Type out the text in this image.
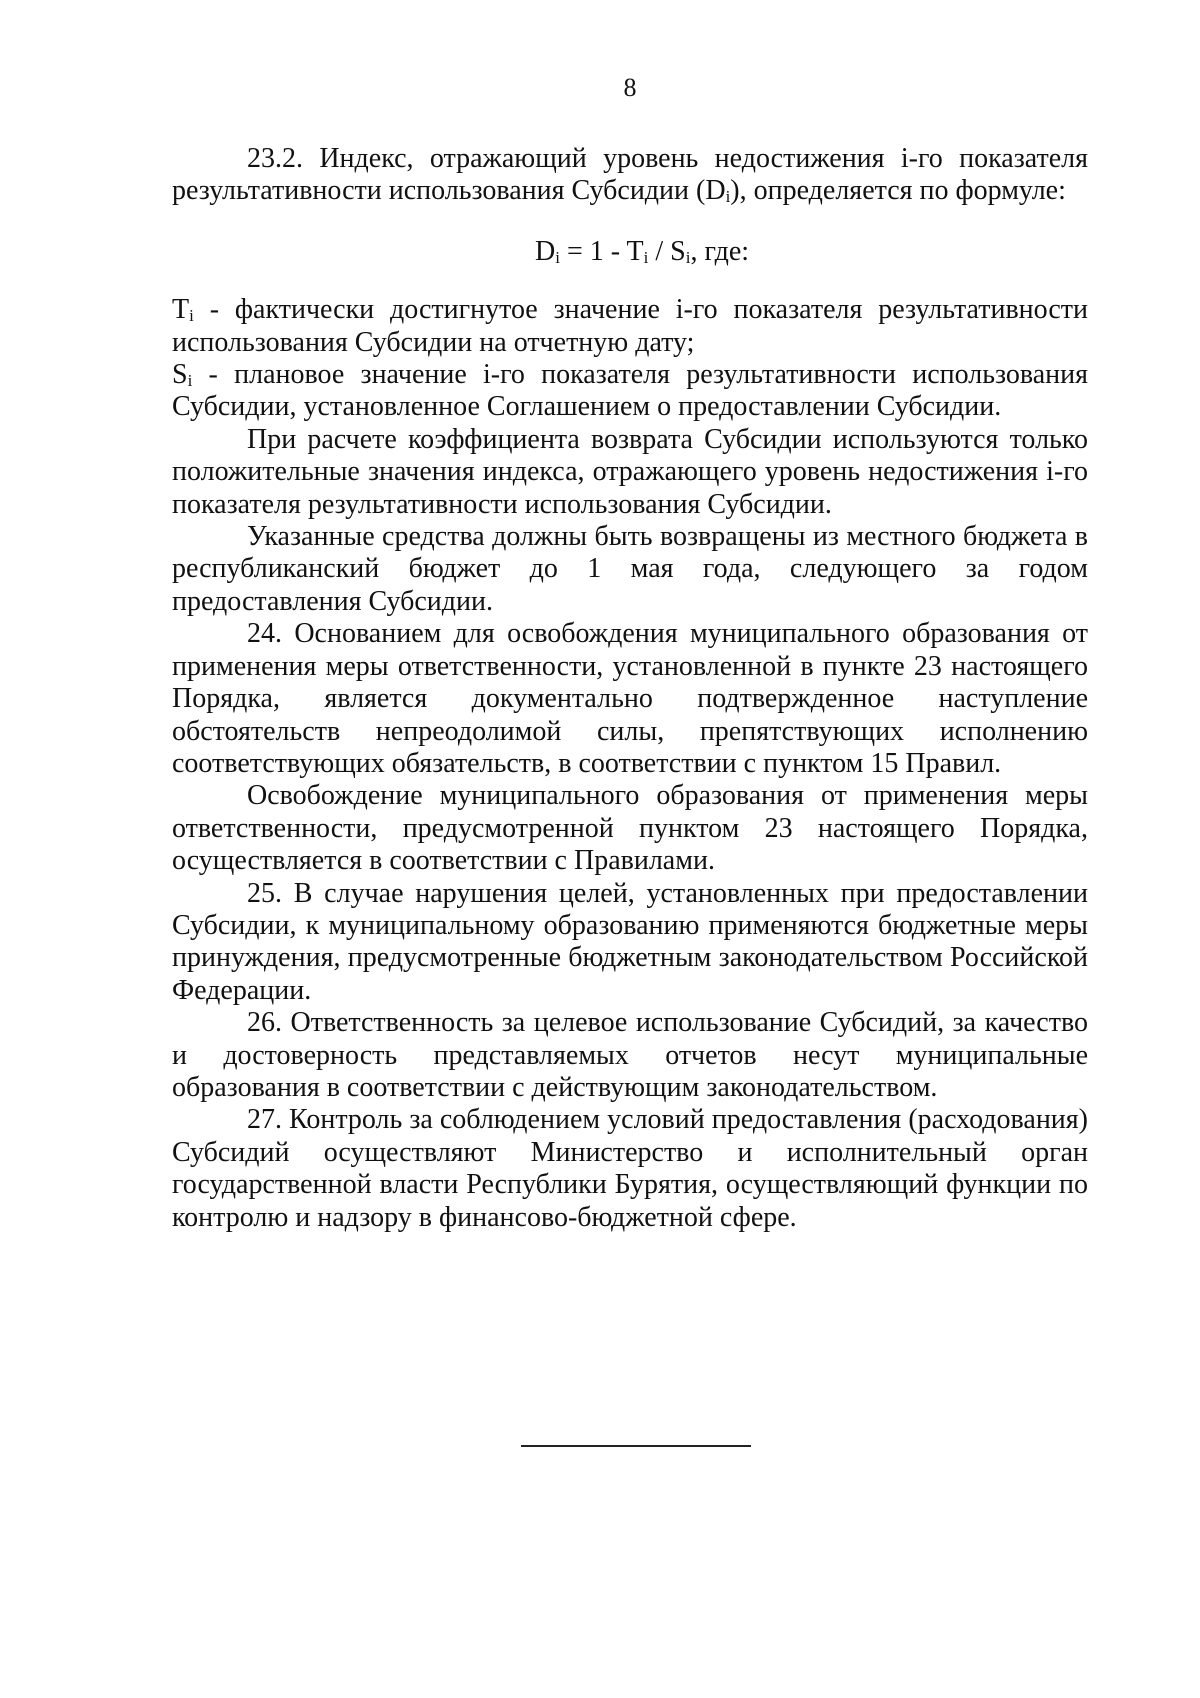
8

23.2. Индекс, отражающий уровень недостижения i-го показателя результативности использования Субсидии $(D_i)$, определяется по формуле:

$D_i = 1 - T_i / S_i$, где:

$T_i$ - фактически достигнутое значение i-го показателя результативности использования Субсидии на отчетную дату;

$S_i$ - плановое значение i-го показателя результативности использования Субсидии, установленное Соглашением о предоставлении Субсидии.

При расчете коэффициента возврата Субсидии используются только положительные значения индекса, отражающего уровень недостижения i-го показателя результативности использования Субсидии.

Указанные средства должны быть возвращены из местного бюджета в республиканский бюджет до 1 мая года, следующего за годом предоставления Субсидии.

24. Основанием для освобождения муниципального образования от применения меры ответственности, установленной в пункте 23 настоящего Порядка, является документально подтвержденное наступление обстоятельств непреодолимой силы, препятствующих исполнению соответствующих обязательств, в соответствии с пунктом 15 Правил.

Освобождение муниципального образования от применения меры ответственности, предусмотренной пунктом 23 настоящего Порядка, осуществляется в соответствии с Правилами.

25. В случае нарушения целей, установленных при предоставлении Субсидии, к муниципальному образованию применяются бюджетные меры принуждения, предусмотренные бюджетным законодательством Российской Федерации.

26. Ответственность за целевое использование Субсидий, за качество и достоверность представляемых отчетов несут муниципальные образования в соответствии с действующим законодательством.

27. Контроль за соблюдением условий предоставления (расходования) Субсидий осуществляют Министерство и исполнительный орган государственной власти Республики Бурятия, осуществляющий функции по контролю и надзору в финансово-бюджетной сфере.
